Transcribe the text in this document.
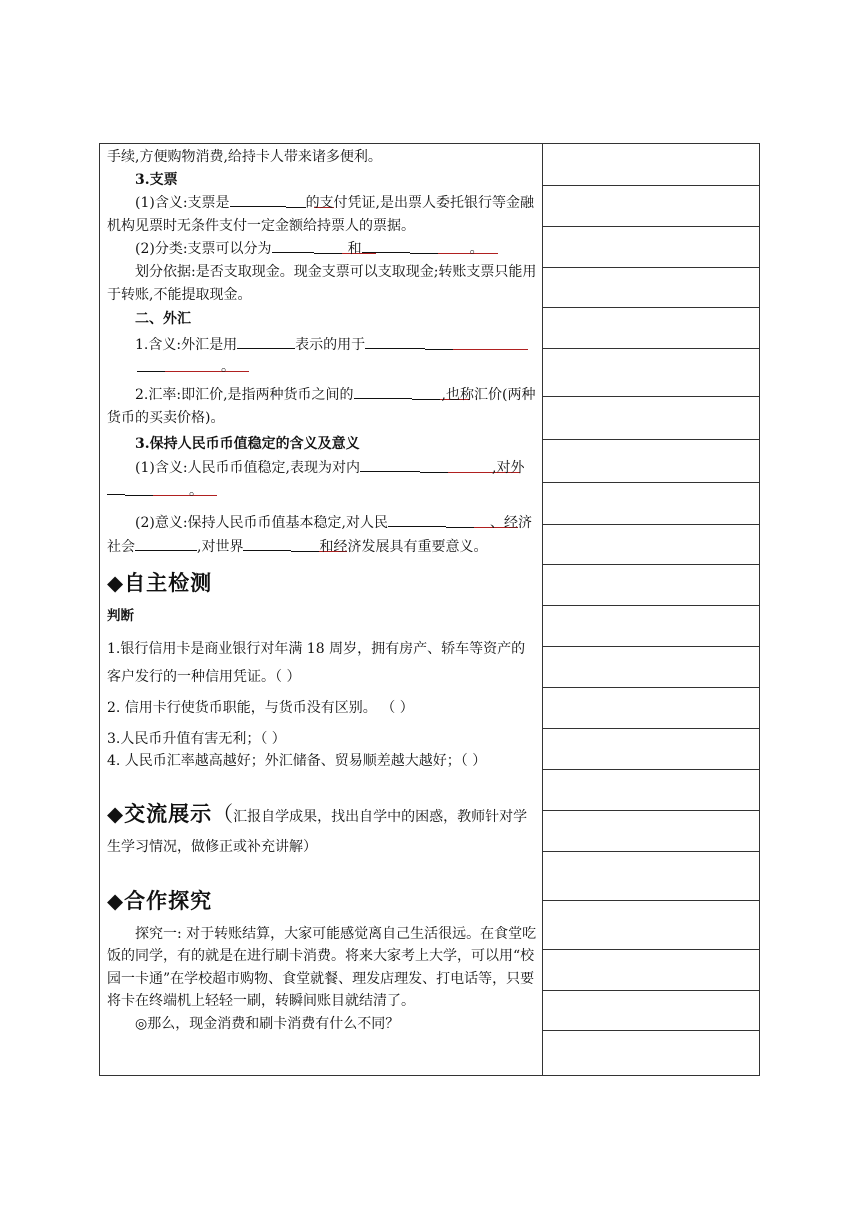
手续,方便购物消费,给持卡人带来诸多便利。

3.支票

(1)含义:支票是	的支付凭证,是出票人委托银行等金融机构见票时无条件支付一定金额给持票人的票据。

(2)分类:支票可以分为	和	。

划分依据:是否支取现金。现金支票可以支取现金;转账支票只能用于转账,不能提取现金。

二、外汇

1.含义:外汇是用	表示的用于
。

2.汇率:即汇价,是指两种货币之间的	,也称汇价(两种货币的买卖价格)。

3.保持人民币币值稳定的含义及意义

(1)含义:人民币币值稳定,表现为对内	,对外。

(2)意义:保持人民币币值基本稳定,对人民	、经济社会	,对世界	和经济发展具有重要意义。

◆自主检测

判断

1.银行信用卡是商业银行对年满 18 周岁，拥有房产、轿车等资产的客户发行的一种信用凭证。（ ）

2. 信用卡行使货币职能，与货币没有区别。 （ ）

3.人民币升值有害无利；（ ）

4. 人民币汇率越高越好；外汇储备、贸易顺差越大越好；（ ）

◆交流展示（汇报自学成果，找出自学中的困惑，教师针对学生学习情况，做修正或补充讲解）

◆合作探究

探究一: 对于转账结算，大家可能感觉离自己生活很远。在食堂吃饭的同学，有的就是在进行刷卡消费。将来大家考上大学，可以用“校园一卡通”在学校超市购物、食堂就餐、理发店理发、打电话等，只要将卡在终端机上轻轻一刷，转瞬间账目就结清了。

◎那么，现金消费和刷卡消费有什么不同？
